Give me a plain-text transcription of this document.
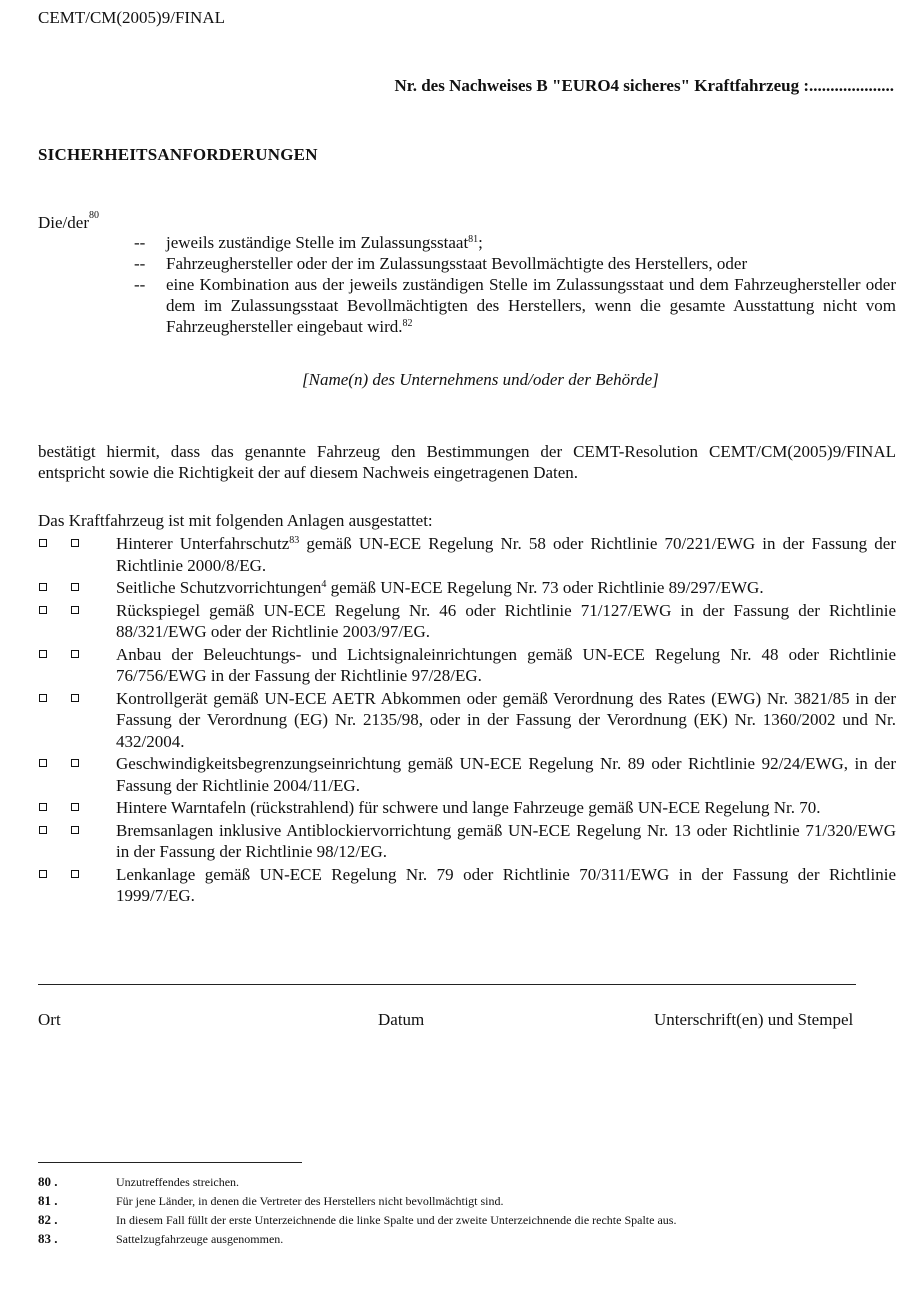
CEMT/CM(2005)9/FINAL
Nr. des Nachweises B "EURO4 sicheres" Kraftfahrzeug :....................
SICHERHEITSANFORDERUNGEN
Die/der$^{80}$
--	jeweils zuständige Stelle im Zulassungsstaat$^{81}$;
--	Fahrzeughersteller oder der im Zulassungsstaat Bevollmächtigte des Herstellers, oder
--	eine Kombination aus der jeweils zuständigen Stelle im Zulassungsstaat und dem Fahrzeughersteller oder dem im Zulassungsstaat Bevollmächtigten des Herstellers, wenn die gesamte Ausstattung nicht vom Fahrzeughersteller eingebaut wird.$^{82}$
[Name(n) des Unternehmens und/oder der Behörde]

bestätigt hiermit, dass das genannte Fahrzeug den Bestimmungen der CEMT-Resolution CEMT/CM(2005)9/FINAL entspricht sowie die Richtigkeit der auf diesem Nachweis eingetragenen Daten.

Das Kraftfahrzeug ist mit folgenden Anlagen ausgestattet:
Hinterer Unterfahrschutz$^{83}$ gemäß UN-ECE Regelung Nr. 58 oder Richtlinie 70/221/EWG in der Fassung der Richtlinie 2000/8/EG.
Seitliche Schutzvorrichtungen$^4$ gemäß UN-ECE Regelung Nr. 73 oder Richtlinie 89/297/EWG.
Rückspiegel gemäß UN-ECE Regelung Nr. 46 oder Richtlinie 71/127/EWG in der Fassung der Richtlinie 88/321/EWG oder der Richtlinie 2003/97/EG.
Anbau der Beleuchtungs- und Lichtsignaleinrichtungen gemäß UN-ECE Regelung Nr. 48 oder Richtlinie 76/756/EWG in der Fassung der Richtlinie 97/28/EG.
Kontrollgerät gemäß UN-ECE AETR Abkommen oder gemäß Verordnung des Rates (EWG) Nr. 3821/85 in der Fassung der Verordnung (EG) Nr. 2135/98, oder in der Fassung der Verordnung (EK) Nr. 1360/2002 und Nr. 432/2004.
Geschwindigkeitsbegrenzungseinrichtung gemäß UN-ECE Regelung Nr. 89 oder Richtlinie 92/24/EWG, in der Fassung der Richtlinie 2004/11/EG.
Hintere Warntafeln (rückstrahlend) für schwere und lange Fahrzeuge gemäß UN-ECE Regelung Nr. 70.
Bremsanlagen inklusive Antiblockiervorrichtung gemäß UN-ECE Regelung Nr. 13 oder Richtlinie 71/320/EWG in der Fassung der Richtlinie 98/12/EG.
Lenkanlage gemäß UN-ECE Regelung Nr. 79 oder Richtlinie 70/311/EWG in der Fassung der Richtlinie 1999/7/EG.
Ort	Datum	Unterschrift(en) und Stempel
80 .	Unzutreffendes streichen.
81 .	Für jene Länder, in denen die Vertreter des Herstellers nicht bevollmächtigt sind.
82 .	In diesem Fall füllt der erste Unterzeichnende die linke Spalte und der zweite Unterzeichnende die rechte Spalte aus.
83 .	Sattelzugfahrzeuge ausgenommen.
